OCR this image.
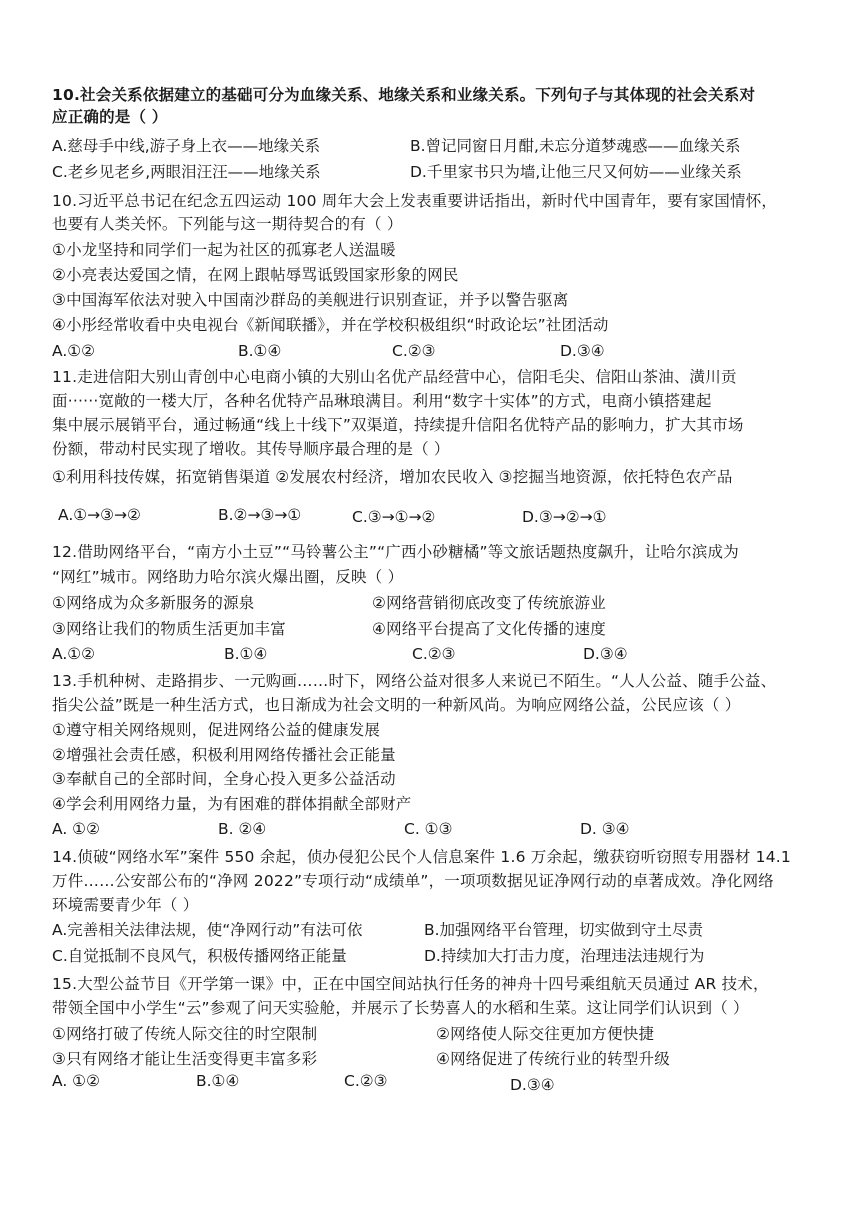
10.社会关系依据建立的基础可分为血缘关系、地缘关系和业缘关系。下列句子与其体现的社会关系对
应正确的是（ ）
A.慈母手中线,游子身上衣——地缘关系	B.曾记同窗日月酣,未忘分道梦魂惑——血缘关系
C.老乡见老乡,两眼泪汪汪——地缘关系	D.千里家书只为墙,让他三尺又何妨——业缘关系
10.习近平总书记在纪念五四运动 100 周年大会上发表重要讲话指出，新时代中国青年，要有家国情怀，
也要有人类关怀。下列能与这一期待契合的有（ ）
①小龙坚持和同学们一起为社区的孤寡老人送温暖
②小亮表达爱国之情，在网上跟帖辱骂诋毁国家形象的网民
③中国海军依法对驶入中国南沙群岛的美舰进行识别查证，并予以警告驱离
④小彤经常收看中央电视台《新闻联播》，并在学校积极组织“时政论坛”社团活动
A.①②	B.①④	C.②③	D.③④
11.走进信阳大别山青创中心电商小镇的大别山名优产品经营中心，信阳毛尖、信阳山茶油、潢川贡
面······宽敞的一楼大厅，各种名优特产品琳琅满目。利用“数字十实体”的方式，电商小镇搭建起
集中展示展销平台，通过畅通“线上十线下”双渠道，持续提升信阳名优特产品的影响力，扩大其市场
份额，带动村民实现了增收。其传导顺序最合理的是（ ）
①利用科技传媒，拓宽销售渠道 ②发展农村经济，增加农民收入 ③挖掘当地资源，依托特色农产品
A.①→③→②	B.②→③→①	C.③→①→②	D.③→②→①
12.借助网络平台，“南方小土豆”“马铃薯公主”“广西小砂糖橘”等文旅话题热度飙升，让哈尔滨成为
“网红”城市。网络助力哈尔滨火爆出圈，反映（ ）
①网络成为众多新服务的源泉	②网络营销彻底改变了传统旅游业
③网络让我们的物质生活更加丰富	④网络平台提高了文化传播的速度
A.①②	B.①④	C.②③	D.③④
13.手机种树、走路捐步、一元购画……时下，网络公益对很多人来说已不陌生。“人人公益、随手公益、
指尖公益”既是一种生活方式，也日渐成为社会文明的一种新风尚。为响应网络公益，公民应该（ ）
①遵守相关网络规则，促进网络公益的健康发展
②增强社会责任感，积极利用网络传播社会正能量
③奉献自己的全部时间，全身心投入更多公益活动
④学会利用网络力量，为有困难的群体捐献全部财产
A. ①②	B. ②④	C. ①③	D. ③④
14.侦破“网络水军”案件 550 余起，侦办侵犯公民个人信息案件 1.6 万余起，缴获窃听窃照专用器材 14.1
万件……公安部公布的“净网 2022”专项行动“成绩单”，一项项数据见证净网行动的卓著成效。净化网络
环境需要青少年（ ）
A.完善相关法律法规，使“净网行动”有法可依	B.加强网络平台管理，切实做到守土尽责
C.自觉抵制不良风气，积极传播网络正能量	D.持续加大打击力度，治理违法违规行为
15.大型公益节目《开学第一课》中，正在中国空间站执行任务的神舟十四号乘组航天员通过 AR 技术，
带领全国中小学生“云”参观了问天实验舱，并展示了长势喜人的水稻和生菜。这让同学们认识到（ ）
①网络打破了传统人际交往的时空限制	②网络使人际交往更加方便快捷
③只有网络才能让生活变得更丰富多彩	④网络促进了传统行业的转型升级
A. ①②	B.①④	C.②③	D.③④
